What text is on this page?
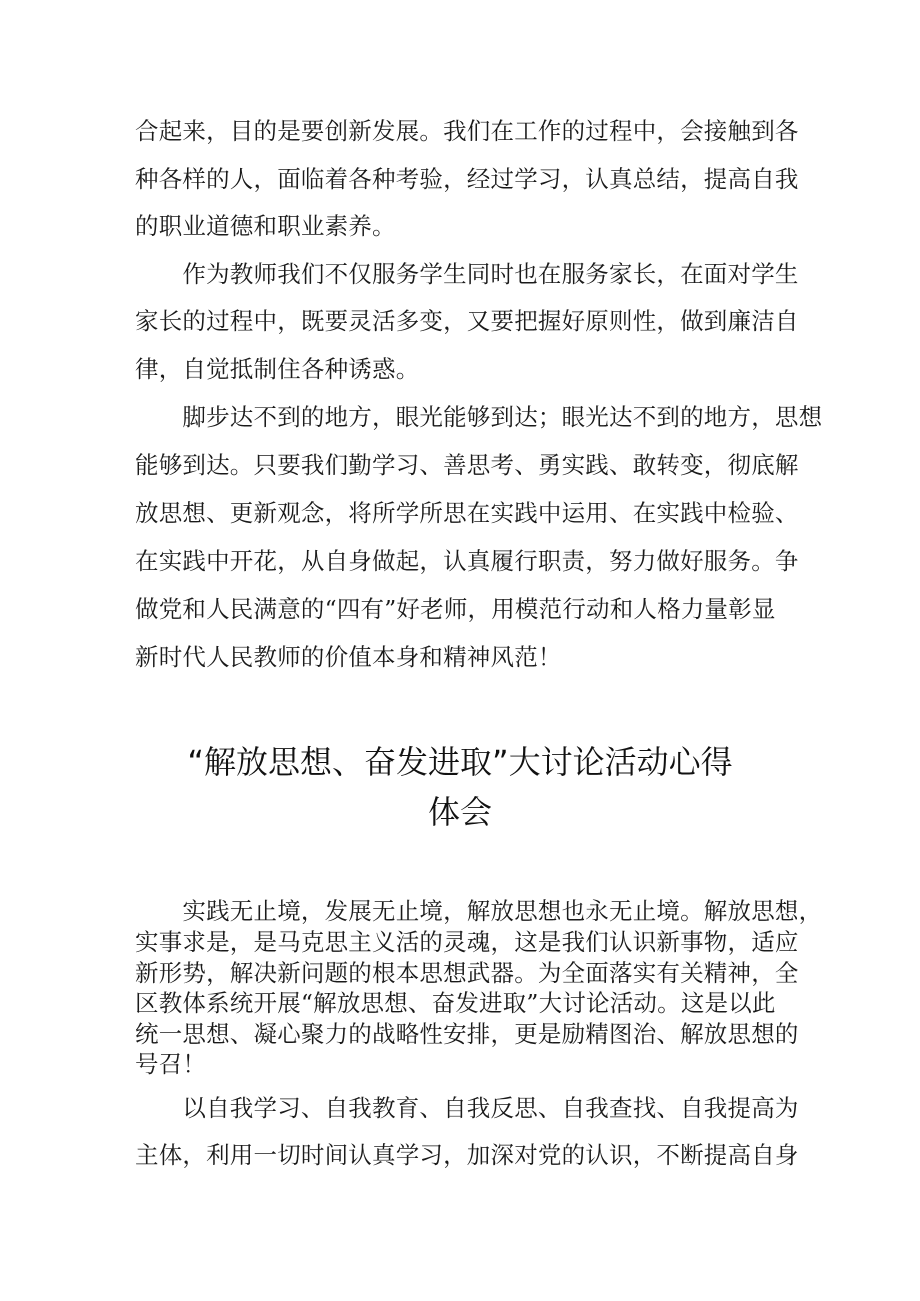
合起来，目的是要创新发展。我们在工作的过程中，会接触到各
种各样的人，面临着各种考验，经过学习，认真总结，提高自我
的职业道德和职业素养。
　　作为教师我们不仅服务学生同时也在服务家长，在面对学生
家长的过程中，既要灵活多变，又要把握好原则性，做到廉洁自
律，自觉抵制住各种诱惑。
　　脚步达不到的地方，眼光能够到达；眼光达不到的地方，思想
能够到达。只要我们勤学习、善思考、勇实践、敢转变，彻底解
放思想、更新观念，将所学所思在实践中运用、在实践中检验、
在实践中开花，从自身做起，认真履行职责，努力做好服务。争
做党和人民满意的“四有”好老师，用模范行动和人格力量彰显
新时代人民教师的价值本身和精神风范！
“解放思想、奋发进取”大讨论活动心得
体会
　　实践无止境，发展无止境，解放思想也永无止境。解放思想，
实事求是，是马克思主义活的灵魂，这是我们认识新事物，适应
新形势，解决新问题的根本思想武器。为全面落实有关精神，全
区教体系统开展“解放思想、奋发进取”大讨论活动。这是以此
统一思想、凝心聚力的战略性安排，更是励精图治、解放思想的
号召！
　　以自我学习、自我教育、自我反思、自我查找、自我提高为
主体，利用一切时间认真学习，加深对党的认识，不断提高自身
